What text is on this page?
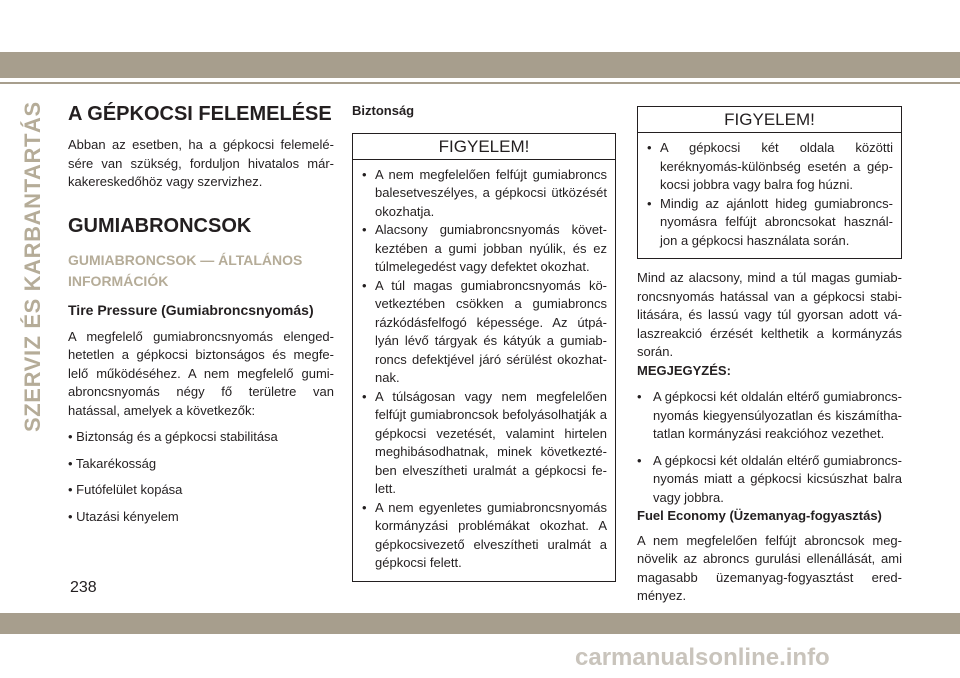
SZERVIZ ÉS KARBANTARTÁS A GÉPKOCSI FELEMELÉSE

Abban az esetben, ha a gépkocsi felemelé-sére van szükség, forduljon hivatalos már-kakereskedőhöz vagy szervizhez.

GUMIABRONCSOK
GUMIABRONCSOK — ÁLTALÁNOS
INFORMÁCIÓK
Tire Pressure (Gumiabroncsnyomás)

A megfelelő gumiabroncsnyomás elenged-hetetlen a gépkocsi biztonságos és megfe-lelő működéséhez. A nem megfelelő gumi-abroncsnyomás négy fő területre van hatással, amelyek a következők:

• Biztonság és a gépkocsi stabilitása

• Takarékosság

• Futófelület kopása

• Utazási kényelem

Biztonság

FIGYELEM!
• A nem megfelelően felfújt gumiabroncs balesetveszélyes, a gépkocsi ütközését okozhatja.
• Alacsony gumiabroncsnyomás követ-keztében a gumi jobban nyúlik, és ez túlmelegedést vagy defektet okozhat.
• A túl magas gumiabroncsnyomás kö-vetkeztében csökken a gumiabroncs rázkódásfelfogó képessége. Az útpá-lyán lévő tárgyak és kátyúk a gumiab-roncs defektjével járó sérülést okozhat-nak.
• A túlságosan vagy nem megfelelően felfújt gumiabroncsok befolyásolhatják a gépkocsi vezetését, valamint hirtelen meghibásodhatnak, minek következté-ben elveszítheti uralmát a gépkocsi fe-lett.
• A nem egyenletes gumiabroncsnyomás kormányzási problémákat okozhat. A gépkocsivezető elveszítheti uralmát a gépkocsi felett.
FIGYELEM!
• A gépkocsi két oldala közötti keréknyomás-különbség esetén a gép-kocsi jobbra vagy balra fog húzni.
• Mindig az ajánlott hideg gumiabroncs-nyomásra felfújt abroncsokat használ-jon a gépkocsi használata során.

Mind az alacsony, mind a túl magas gumiab-roncsnyomás hatással van a gépkocsi stabi-litására, és lassú vagy túl gyorsan adott vá-laszreakció érzését kelthetik a kormányzás során.

MEGJEGYZÉS:

• A gépkocsi két oldalán eltérő gumiabroncs-nyomás kiegyensúlyozatlan és kiszámítha-tatlan kormányzási reakcióhoz vezethet.
• A gépkocsi két oldalán eltérő gumiabroncs-nyomás miatt a gépkocsi kicsúszhat balra vagy jobbra.

Fuel Economy (Üzemanyag-fogyasztás)

A nem megfelelően felfújt abroncsok meg-növelik az abroncs gurulási ellenállását, ami magasabb üzemanyag-fogyasztást ered-ményez.

238
carmanualsonline.info
